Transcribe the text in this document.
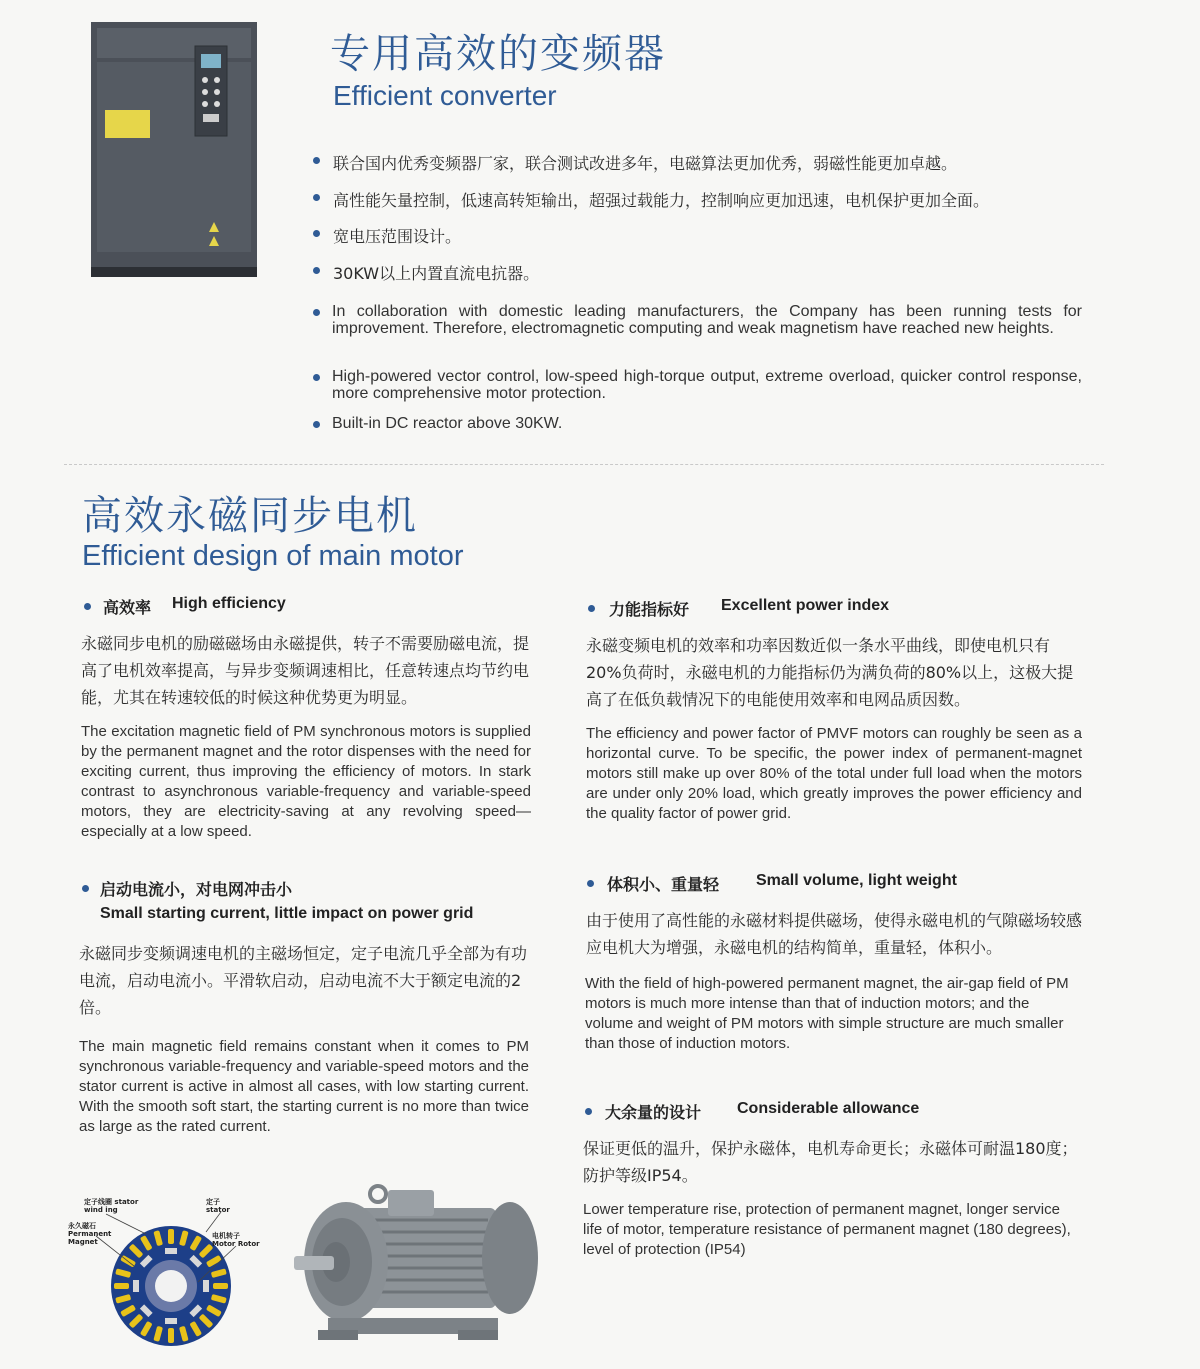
专用高效的变频器
Efficient converter

联合国内优秀变频器厂家，联合测试改进多年，电磁算法更加优秀，弱磁性能更加卓越。

高性能矢量控制，低速高转矩输出，超强过载能力，控制响应更加迅速，电机保护更加全面。

宽电压范围设计。

30KW以上内置直流电抗器。

In collaboration with domestic leading manufacturers, the Company has been running tests for improvement. Therefore, electromagnetic computing and weak magnetism have reached new heights.

High-powered vector control, low-speed high-torque output, extreme overload, quicker control response, more comprehensive motor protection.

Built-in DC reactor above 30KW.

高效永磁同步电机
Efficient design of main motor
高效率 High efficiency

永磁同步电机的励磁磁场由永磁提供，转子不需要励磁电流，提高了电机效率提高，与异步变频调速相比，任意转速点均节约电能，尤其在转速较低的时候这种优势更为明显。

The excitation magnetic field of PM synchronous motors is supplied by the permanent magnet and the rotor dispenses with the need for exciting current, thus improving the efficiency of motors. In stark contrast to asynchronous variable-frequency and variable-speed motors, they are electricity-saving at any revolving speed—especially at a low speed.

力能指标好 Excellent power index

永磁变频电机的效率和功率因数近似一条水平曲线，即使电机只有20%负荷时，永磁电机的力能指标仍为满负荷的80%以上，这极大提高了在低负载情况下的电能使用效率和电网品质因数。

The efficiency and power factor of PMVF motors can roughly be seen as a horizontal curve. To be specific, the power index of permanent-magnet motors still make up over 80% of the total under full load when the motors are under only 20% load, which greatly improves the power efficiency and the quality factor of power grid.

启动电流小，对电网冲击小
Small starting current, little impact on power grid

永磁同步变频调速电机的主磁场恒定，定子电流几乎全部为有功电流，启动电流小。平滑软启动，启动电流不大于额定电流的2倍。

The main magnetic field remains constant when it comes to PM synchronous variable-frequency and variable-speed motors and the stator current is active in almost all cases, with low starting current. With the smooth soft start, the starting current is no more than twice as large as the rated current.

体积小、重量轻 Small volume, light weight

由于使用了高性能的永磁材料提供磁场，使得永磁电机的气隙磁场较感应电机大为增强，永磁电机的结构简单，重量轻，体积小。

With the field of high-powered permanent magnet, the air-gap field of PM motors is much more intense than that of induction motors; and the volume and weight of PM motors with simple structure are much smaller than those of induction motors.

大余量的设计 Considerable allowance

保证更低的温升，保护永磁体，电机寿命更长；永磁体可耐温180度；防护等级IP54。

Lower temperature rise, protection of permanent magnet, longer service life of motor, temperature resistance of permanent magnet (180 degrees), level of protection (IP54)

定子线圈 stator wind ing
定子 stator
永久磁石 Permanent Magnet
电机转子 Motor Rotor
